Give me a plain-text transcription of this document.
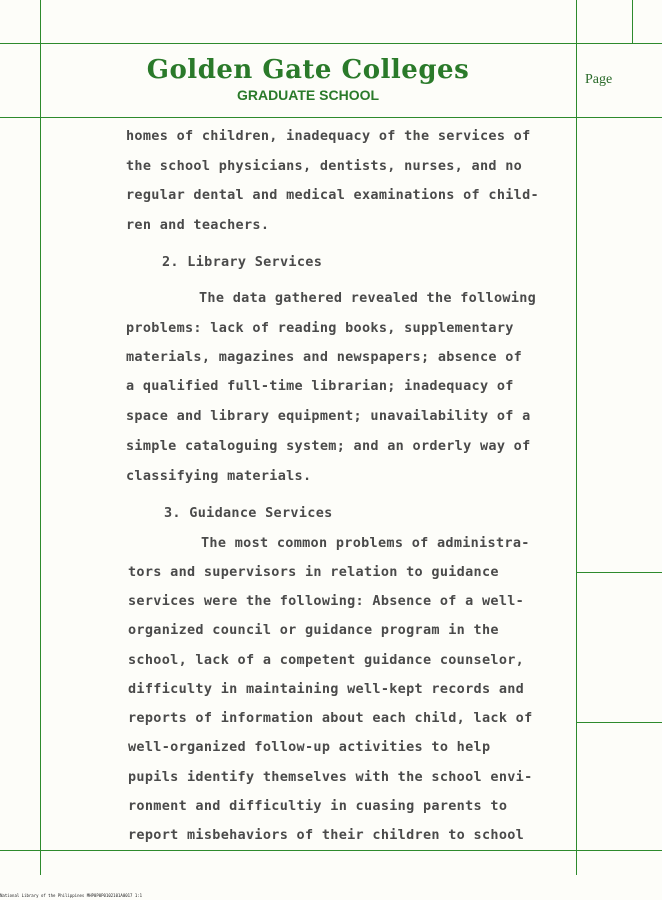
Golden Gate Colleges
GRADUATE SCHOOL
Page

homes of children, inadequacy of the services of

the school physicians, dentists, nurses, and no

regular dental and medical examinations of child-

ren and teachers.

2. Library Services

The data gathered revealed the following

problems: lack of reading books, supplementary

materials, magazines and newspapers; absence of

a qualified full-time librarian; inadequacy of

space and library equipment; unavailability of a

simple cataloguing system; and an orderly way of

classifying materials.

3. Guidance Services

The most common problems of administra-

tors and supervisors in relation to guidance

services were the following: Absence of a well-

organized council or guidance program in the

school, lack of a competent guidance counselor,

difficulty in maintaining well-kept records and

reports of information about each child, lack of

well-organized follow-up activities to help

pupils identify themselves with the school envi-

ronment and difficultiy in cuasing parents to

report misbehaviors of their children to school

National Library of the Philippines MHP0P0P0102101A0017 1:1
